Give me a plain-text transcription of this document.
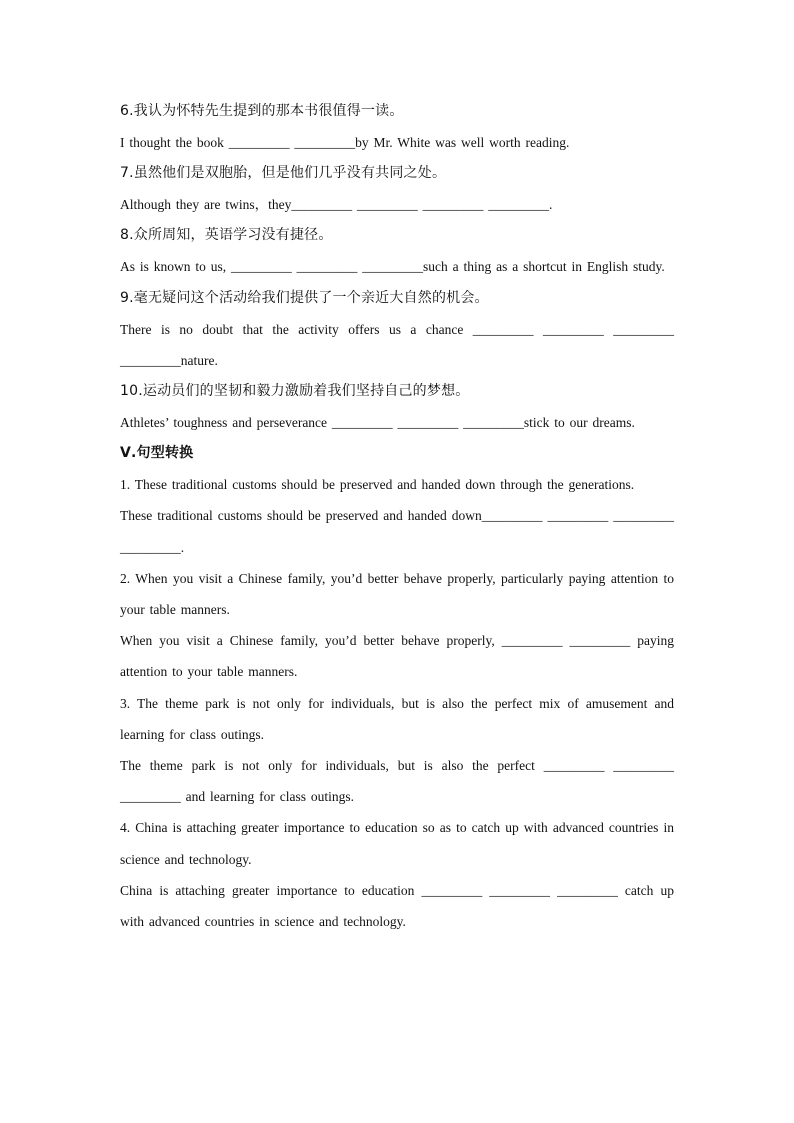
6.我认为怀特先生提到的那本书很值得一读。
I thought the book _________ _________by Mr. White was well worth reading.
7.虽然他们是双胞胎，但是他们几乎没有共同之处。
Although they are twins，they_________ _________ _________ _________.
8.众所周知，英语学习没有捷径。
As is known to us, _________ _________ _________such a thing as a shortcut in English study.
9.毫无疑问这个活动给我们提供了一个亲近大自然的机会。
There is no doubt that the activity offers us a chance _________ _________ _________ _________nature.
10.运动员们的坚韧和毅力激励着我们坚持自己的梦想。
Athletes’ toughness and perseverance _________ _________ _________stick to our dreams.
Ⅴ.句型转换
1. These traditional customs should be preserved and handed down through the generations.
These traditional customs should be preserved and handed down_________ _________ _________ _________.
2. When you visit a Chinese family, you’d better behave properly, particularly paying attention to your table manners.
When you visit a Chinese family, you’d better behave properly, _________ _________ paying attention to your table manners.
3. The theme park is not only for individuals, but is also the perfect mix of amusement and learning for class outings.
The theme park is not only for individuals, but is also the perfect _________ _________ _________ and learning for class outings.
4. China is attaching greater importance to education so as to catch up with advanced countries in science and technology.
China is attaching greater importance to education _________ _________ _________ catch up with advanced countries in science and technology.
